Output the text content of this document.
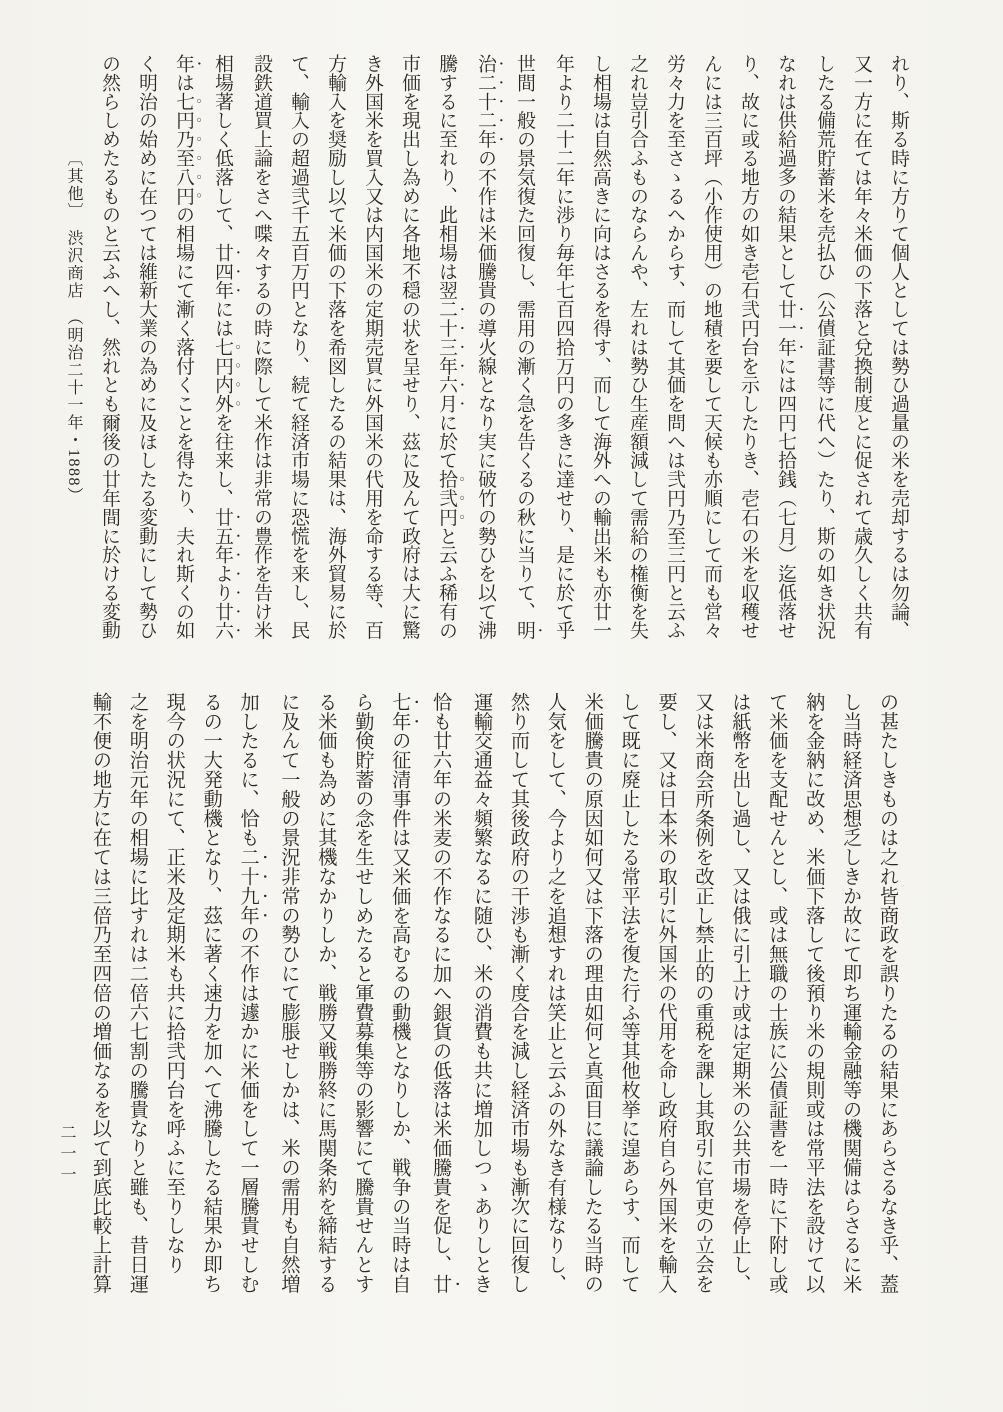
れり、斯る時に方りて個人としては勢ひ過量の米を売却するは勿論、
又一方に在ては年々米価の下落と兌換制度とに促されて歳久しく共有
したる備荒貯蓄米を売払ひ（公債証書等に代へ）たり、斯の如き状況
なれは供給過多の結果として廿一年には四円七拾銭（七月）迄低落せ
り、故に或る地方の如き壱石弐円台を示したりき、壱石の米を収穫せ
んには三百坪（小作使用）の地積を要して天候も亦順にして而も営々
労々力を至さゝるへからす、而して其価を問へは弐円乃至三円と云ふ
之れ豈引合ふものならんや、左れは勢ひ生産額減して需給の権衡を失
し相場は自然高きに向はさるを得す、而して海外への輸出米も亦廿一
年より二十二年に渉り毎年七百四拾万円の多きに達せり、是に於て乎
世間一般の景気復た回復し、需用の漸く急を告くるの秋に当りて、明
治二十二年の不作は米価騰貴の導火線となり実に破竹の勢ひを以て沸
騰するに至れり、此相場は翌二十三年六月に於て拾弐円と云ふ稀有の
市価を現出し為めに各地不穏の状を呈せり、茲に及んて政府は大に驚
き外国米を買入又は内国米の定期売買に外国米の代用を命する等、百
方輸入を奨励し以て米価の下落を希図したるの結果は、海外貿易に於
て、輸入の超過弐千五百万円となり、続て経済市場に恐慌を来し、民
設鉄道買上論をさへ喋々するの時に際して米作は非常の豊作を告け米
相場著しく低落して、廿四年には七円内外を往来し、廿五年より廿六
年は七円乃至八円の相場にて漸く落付くことを得たり、夫れ斯くの如
く明治の始めに在つては維新大業の為めに及ほしたる変動にして勢ひ
の然らしめたるものと云ふへし、然れとも爾後の廿年間に於ける変動
〔其他〕　渋沢商店　（明治二十一年・1888）
の甚たしきものは之れ皆商政を誤りたるの結果にあらさるなき乎、蓋
し当時経済思想乏しきか故にて即ち運輸金融等の機関備はらさるに米
納を金納に改め、米価下落して後預り米の規則或は常平法を設けて以
て米価を支配せんとし、或は無職の士族に公債証書を一時に下附し或
は紙幣を出し過し、又は俄に引上け或は定期米の公共市場を停止し、
又は米商会所条例を改正し禁止的の重税を課し其取引に官吏の立会を
要し、又は日本米の取引に外国米の代用を命し政府自ら外国米を輸入
して既に廃止したる常平法を復た行ふ等其他枚挙に遑あらす、而して
米価騰貴の原因如何又は下落の理由如何と真面目に議論したる当時の
人気をして、今より之を追想すれは笑止と云ふの外なき有様なりし、
然り而して其後政府の干渉も漸く度合を減し経済市場も漸次に回復し
運輸交通益々頻繁なるに随ひ、米の消費も共に増加しつゝありしとき
恰も廿六年の米麦の不作なるに加へ銀貨の低落は米価騰貴を促し、廿
七年の征清事件は又米価を高むるの動機となりしか、戦争の当時は自
ら勤倹貯蓄の念を生せしめたると軍費募集等の影響にて騰貴せんとす
る米価も為めに其機なかりしか、戦勝又戦勝終に馬関条約を締結する
に及んて一般の景況非常の勢ひにて膨脹せしかは、米の需用も自然増
加したるに、恰も二十九年の不作は遽かに米価をして一層騰貴せしむ
るの一大発動機となり、茲に著く速力を加へて沸騰したる結果か即ち
現今の状況にて、正米及定期米も共に拾弐円台を呼ふに至りしなり
之を明治元年の相場に比すれは二倍六七割の騰貴なりと雖も、昔日運
輸不便の地方に在ては三倍乃至四倍の増価なるを以て到底比較上計算
二一一
